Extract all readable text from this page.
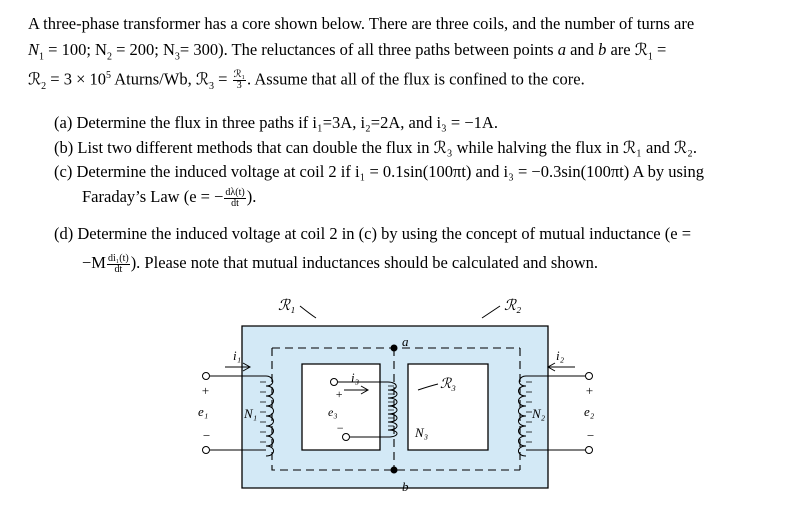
A three-phase transformer has a core shown below. There are three coils, and the number of turns are
$N_1 = 100$; $N_2 = 200$; $N_3= 300$). The reluctances of all three paths between points a and b are ℛ$_1$ =
ℛ$_2$ = $3 \times 10^5$ Aturns/Wb, ℛ$_3$ = $\frac{\text{ℛ₁}}{3}$ . Assume that all of the flux is confined to the core.
(a) Determine the flux in three paths if i₁=3A, i₂=2A, and i₃ = −1A.
(b) List two different methods that can double the flux in ℛ₃ while halving the flux in ℛ₁ and ℛ₂.
(c) Determine the induced voltage at coil 2 if i₁ = 0.1sin(100πt) and i₃ = −0.3sin(100πt) A by using
Faraday’s Law (e = − $\frac{d\lambda(t)}{dt}$ ).
(d) Determine the induced voltage at coil 2 in (c) by using the concept of mutual inductance (e =
$-M \frac{\text{di₁(t)}}{dt}$ ). Please note that mutual inductances should be calculated and shown.
ℛ₁	ℛ₂
ℛ₃
a
b
i₁	i₂
i₃
N₁	N₂
N₃
e₁	e₂
e₃
+
−
+
−
+
−
